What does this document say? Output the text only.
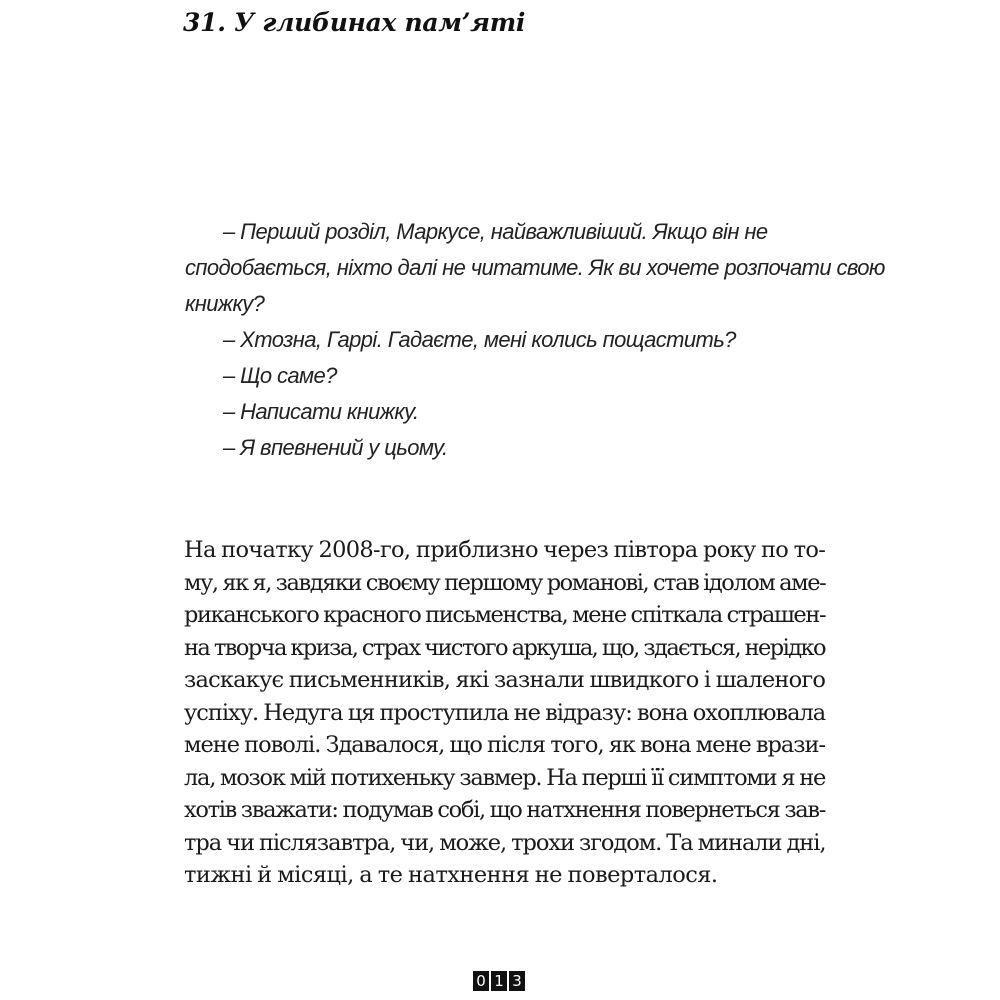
31. У глибинах пам’яті
– Перший розділ, Маркусе, найважливіший. Якщо він не
сподобається, ніхто далі не читатиме. Як ви хочете розпочати свою
книжку?
– Хтозна, Гаррі. Гадаєте, мені колись пощастить?
– Що саме?
– Написати книжку.
– Я впевнений у цьому.
На початку 2008-го, приблизно через півтора року по то-
му, як я, завдяки своєму першому романові, став ідолом аме-
риканського красного письменства, мене спіткала страшен-
на творча криза, страх чистого аркуша, що, здається, нерідко
заскакує письменників, які зазнали швидкого і шаленого
успіху. Недуга ця проступила не відразу: вона охоплювала
мене поволі. Здавалося, що після того, як вона мене врази-
ла, мозок мій потихеньку завмер. На перші її симптоми я не
хотів зважати: подумав собі, що натхнення повернеться зав-
тра чи післязавтра, чи, може, трохи згодом. Та минали дні,
тижні й місяці, а те натхнення не поверталося.
0 1 3
